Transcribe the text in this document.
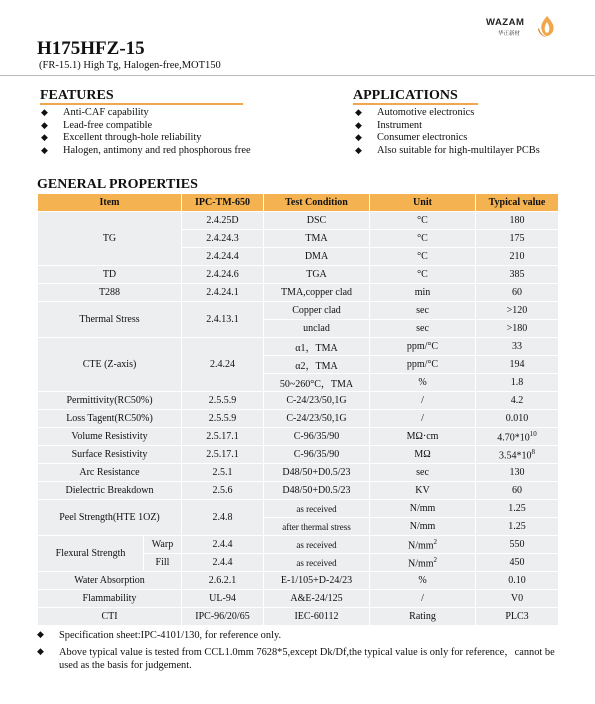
WAZAM
华正新材
H175HFZ-15
(FR-15.1) High Tg, Halogen-free,MOT150
FEATURES
◆ Anti-CAF capability
◆ Lead-free compatible
◆ Excellent through-hole reliability
◆ Halogen, antimony and red phosphorous free
APPLICATIONS
◆ Automotive electronics
◆ Instrument
◆ Consumer electronics
◆ Also suitable for high-multilayer PCBs
GENERAL PROPERTIES
Item		IPC-TM-650	Test Condition	Unit	Typical value
TG		2.4.25D	DSC	°C	180
		2.4.24.3	TMA	°C	175
		2.4.24.4	DMA	°C	210
TD		2.4.24.6	TGA	°C	385
T288		2.4.24.1	TMA,copper clad	min	60
Thermal Stress		2.4.13.1	Copper clad	sec	>120
			unclad	sec	>180
CTE (Z-axis)		2.4.24	α1，TMA	ppm/°C	33
			α2，TMA	ppm/°C	194
			50~260°C，TMA	%	1.8
Permittivity(RC50%)		2.5.5.9	C-24/23/50,1G	/	4.2
Loss Tagent(RC50%)		2.5.5.9	C-24/23/50,1G	/	0.010
Volume Resistivity		2.5.17.1	C-96/35/90	MΩ·cm	$4.70*10^{10}$
Surface Resistivity		2.5.17.1	C-96/35/90	MΩ	$3.54*10^8$
Arc Resistance		2.5.1	D48/50+D0.5/23	sec	130
Dielectric Breakdown		2.5.6	D48/50+D0.5/23	KV	60
Peel Strength(HTE 1OZ)		2.4.8	as received	N/mm	1.25
			after thermal stress	N/mm	1.25
Flexural Strength	Warp	2.4.4	as received	$N/mm^2$	550
	Fill	2.4.4	as received	$N/mm^2$	450
Water Absorption		2.6.2.1	E-1/105+D-24/23	%	0.10
Flammability		UL-94	A&E-24/125	/	V0
CTI		IPC-96/20/65	IEC-60112	Rating	PLC3
◆	Specification sheet:IPC-4101/130, for reference only.
◆	Above typical value is tested from CCL1.0mm 7628*5,except Dk/Df,the typical value is only for reference，cannot be used as the basis for judgement.
